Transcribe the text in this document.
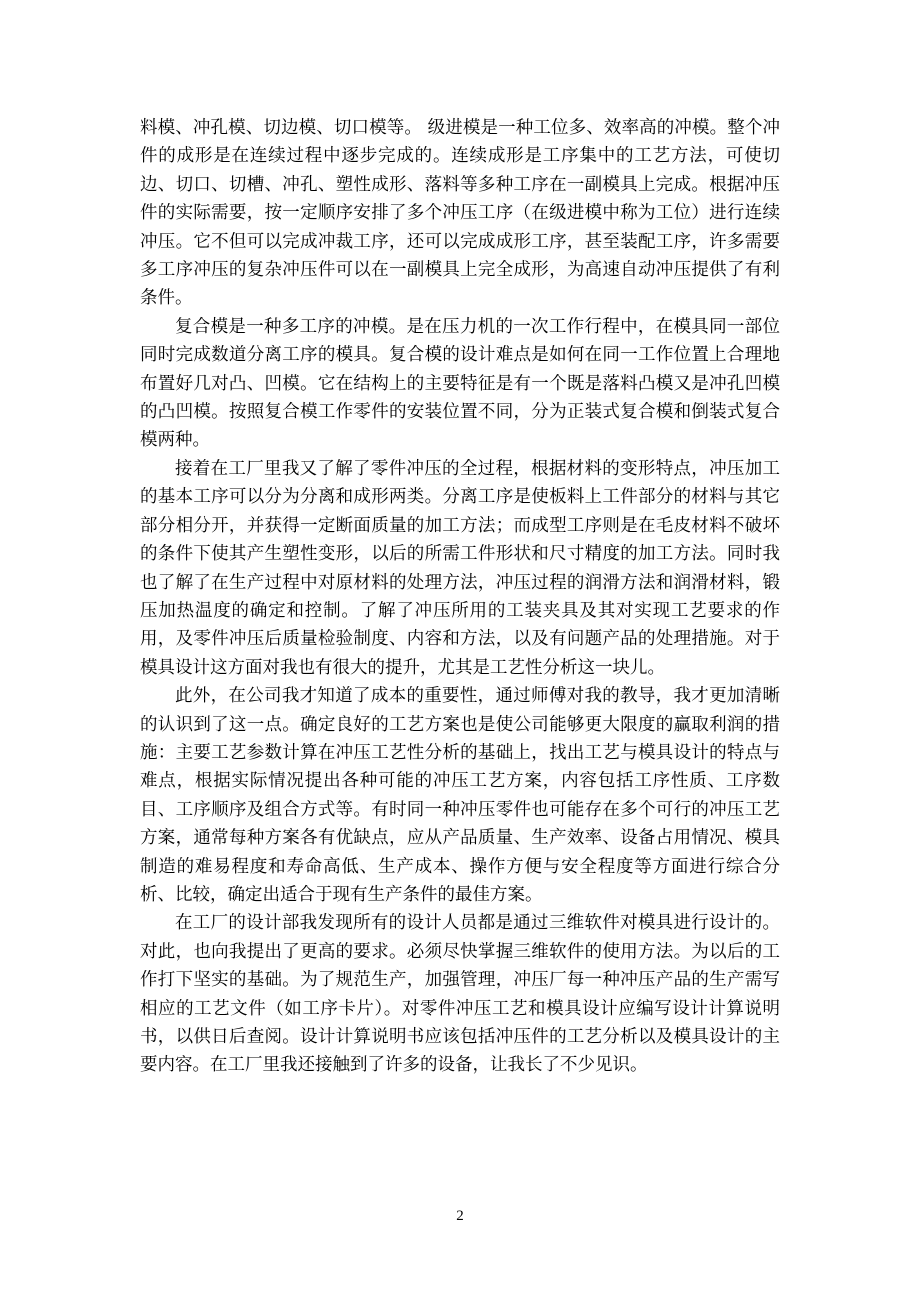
料模、冲孔模、切边模、切口模等。 级进模是一种工位多、效率高的冲模。整个冲件的成形是在连续过程中逐步完成的。连续成形是工序集中的工艺方法，可使切边、切口、切槽、冲孔、塑性成形、落料等多种工序在一副模具上完成。根据冲压件的实际需要，按一定顺序安排了多个冲压工序（在级进模中称为工位）进行连续冲压。它不但可以完成冲裁工序，还可以完成成形工序，甚至装配工序，许多需要多工序冲压的复杂冲压件可以在一副模具上完全成形，为高速自动冲压提供了有利条件。

复合模是一种多工序的冲模。是在压力机的一次工作行程中，在模具同一部位同时完成数道分离工序的模具。复合模的设计难点是如何在同一工作位置上合理地布置好几对凸、凹模。它在结构上的主要特征是有一个既是落料凸模又是冲孔凹模的凸凹模。按照复合模工作零件的安装位置不同，分为正装式复合模和倒装式复合模两种。

接着在工厂里我又了解了零件冲压的全过程，根据材料的变形特点，冲压加工的基本工序可以分为分离和成形两类。分离工序是使板料上工件部分的材料与其它部分相分开，并获得一定断面质量的加工方法；而成型工序则是在毛皮材料不破坏的条件下使其产生塑性变形，以后的所需工件形状和尺寸精度的加工方法。同时我也了解了在生产过程中对原材料的处理方法，冲压过程的润滑方法和润滑材料，锻压加热温度的确定和控制。了解了冲压所用的工装夹具及其对实现工艺要求的作用，及零件冲压后质量检验制度、内容和方法，以及有问题产品的处理措施。对于模具设计这方面对我也有很大的提升，尤其是工艺性分析这一块儿。

此外，在公司我才知道了成本的重要性，通过师傅对我的教导，我才更加清晰的认识到了这一点。确定良好的工艺方案也是使公司能够更大限度的赢取利润的措施：主要工艺参数计算在冲压工艺性分析的基础上，找出工艺与模具设计的特点与难点，根据实际情况提出各种可能的冲压工艺方案，内容包括工序性质、工序数目、工序顺序及组合方式等。有时同一种冲压零件也可能存在多个可行的冲压工艺方案，通常每种方案各有优缺点，应从产品质量、生产效率、设备占用情况、模具制造的难易程度和寿命高低、生产成本、操作方便与安全程度等方面进行综合分析、比较，确定出适合于现有生产条件的最佳方案。

在工厂的设计部我发现所有的设计人员都是通过三维软件对模具进行设计的。对此，也向我提出了更高的要求。必须尽快掌握三维软件的使用方法。为以后的工作打下坚实的基础。为了规范生产，加强管理，冲压厂每一种冲压产品的生产需写相应的工艺文件（如工序卡片）。对零件冲压工艺和模具设计应编写设计计算说明书，以供日后查阅。设计计算说明书应该包括冲压件的工艺分析以及模具设计的主要内容。在工厂里我还接触到了许多的设备，让我长了不少见识。

2
